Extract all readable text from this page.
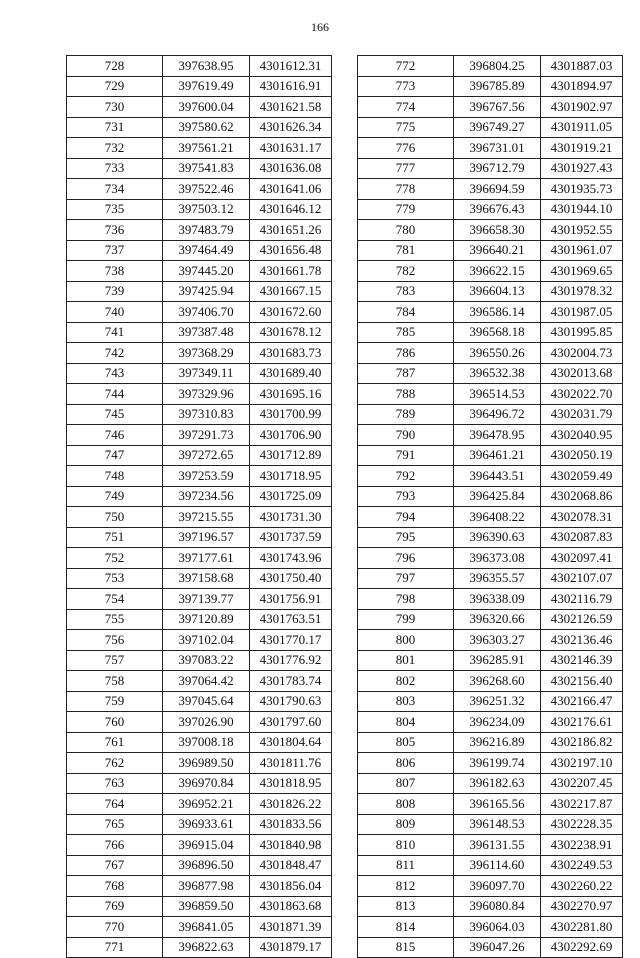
166
728	397638.95	4301612.31
729	397619.49	4301616.91
730	397600.04	4301621.58
731	397580.62	4301626.34
732	397561.21	4301631.17
733	397541.83	4301636.08
734	397522.46	4301641.06
735	397503.12	4301646.12
736	397483.79	4301651.26
737	397464.49	4301656.48
738	397445.20	4301661.78
739	397425.94	4301667.15
740	397406.70	4301672.60
741	397387.48	4301678.12
742	397368.29	4301683.73
743	397349.11	4301689.40
744	397329.96	4301695.16
745	397310.83	4301700.99
746	397291.73	4301706.90
747	397272.65	4301712.89
748	397253.59	4301718.95
749	397234.56	4301725.09
750	397215.55	4301731.30
751	397196.57	4301737.59
752	397177.61	4301743.96
753	397158.68	4301750.40
754	397139.77	4301756.91
755	397120.89	4301763.51
756	397102.04	4301770.17
757	397083.22	4301776.92
758	397064.42	4301783.74
759	397045.64	4301790.63
760	397026.90	4301797.60
761	397008.18	4301804.64
762	396989.50	4301811.76
763	396970.84	4301818.95
764	396952.21	4301826.22
765	396933.61	4301833.56
766	396915.04	4301840.98
767	396896.50	4301848.47
768	396877.98	4301856.04
769	396859.50	4301863.68
770	396841.05	4301871.39
771	396822.63	4301879.17
772	396804.25	4301887.03
773	396785.89	4301894.97
774	396767.56	4301902.97
775	396749.27	4301911.05
776	396731.01	4301919.21
777	396712.79	4301927.43
778	396694.59	4301935.73
779	396676.43	4301944.10
780	396658.30	4301952.55
781	396640.21	4301961.07
782	396622.15	4301969.65
783	396604.13	4301978.32
784	396586.14	4301987.05
785	396568.18	4301995.85
786	396550.26	4302004.73
787	396532.38	4302013.68
788	396514.53	4302022.70
789	396496.72	4302031.79
790	396478.95	4302040.95
791	396461.21	4302050.19
792	396443.51	4302059.49
793	396425.84	4302068.86
794	396408.22	4302078.31
795	396390.63	4302087.83
796	396373.08	4302097.41
797	396355.57	4302107.07
798	396338.09	4302116.79
799	396320.66	4302126.59
800	396303.27	4302136.46
801	396285.91	4302146.39
802	396268.60	4302156.40
803	396251.32	4302166.47
804	396234.09	4302176.61
805	396216.89	4302186.82
806	396199.74	4302197.10
807	396182.63	4302207.45
808	396165.56	4302217.87
809	396148.53	4302228.35
810	396131.55	4302238.91
811	396114.60	4302249.53
812	396097.70	4302260.22
813	396080.84	4302270.97
814	396064.03	4302281.80
815	396047.26	4302292.69
